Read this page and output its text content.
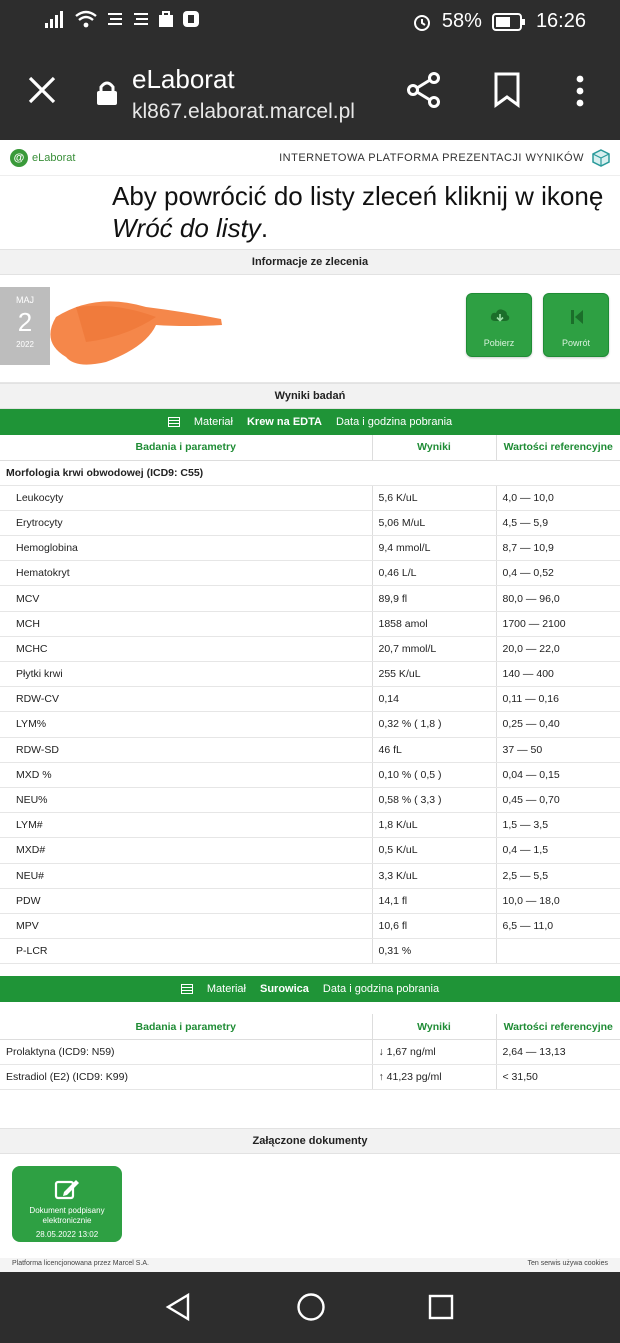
58%	16:26
eLaborat
kl867.elaborat.marcel.pl
@ eLaborat	INTERNETOWA PLATFORMA PREZENTACJI WYNIKÓW
Aby powrócić do listy zleceń kliknij w ikonę Wróć do listy.
Informacje ze zlecenia
MAJ
2
2022	Pobierz	Powrót
Wyniki badań
Materiał Krew na EDTA Data i godzina pobrania
Badania i parametry	Wyniki	Wartości referencyjne
Morfologia krwi obwodowej (ICD9: C55)		
Leukocyty	5,6 K/uL	4,0 — 10,0
Erytrocyty	5,06 M/uL	4,5 — 5,9
Hemoglobina	9,4 mmol/L	8,7 — 10,9
Hematokryt	0,46 L/L	0,4 — 0,52
MCV	89,9 fl	80,0 — 96,0
MCH	1858 amol	1700 — 2100
MCHC	20,7 mmol/L	20,0 — 22,0
Płytki krwi	255 K/uL	140 — 400
RDW-CV	0,14	0,11 — 0,16
LYM%	0,32 % ( 1,8 )	0,25 — 0,40
RDW-SD	46 fL	37 — 50
MXD %	0,10 % ( 0,5 )	0,04 — 0,15
NEU%	0,58 % ( 3,3 )	0,45 — 0,70
LYM#	1,8 K/uL	1,5 — 3,5
MXD#	0,5 K/uL	0,4 — 1,5
NEU#	3,3 K/uL	2,5 — 5,5
PDW	14,1 fl	10,0 — 18,0
MPV	10,6 fl	6,5 — 11,0
P-LCR	0,31 %	
Materiał Surowica Data i godzina pobrania
Badania i parametry	Wyniki	Wartości referencyjne
Prolaktyna (ICD9: N59)	↓ 1,67 ng/ml	2,64 — 13,13
Estradiol (E2) (ICD9: K99)	↑ 41,23 pg/ml	< 31,50
Załączone dokumenty
Dokument podpisany elektronicznie
28.05.2022 13:02
Platforma licencjonowana przez Marcel S.A.	Ten serwis używa cookies
